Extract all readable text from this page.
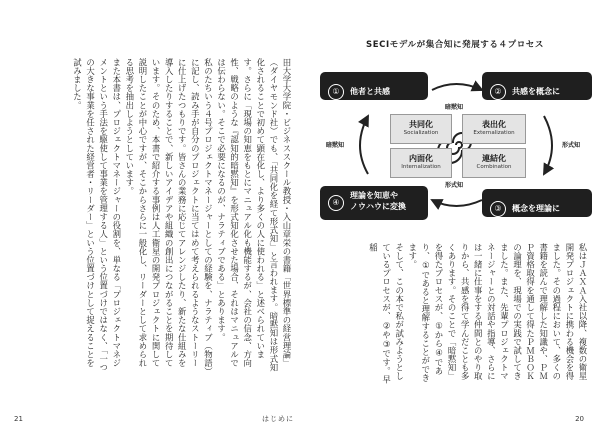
田大学大学院・ビジネススクール教授・入山章栄の書籍「世界標準の経営理論」（ダイヤモンド社）でも、「共同化を経て形式知」と言われます。暗黙知は形式知化されることで初めて顕在化し、より多くの人に使われる」と述べられています。さらに「現場の知恵をもとにマニュアル化も機能するが、会社の信念、方向性、戦略のような『認知的暗黙知』を形式知化させた場合、それはマニュアルでは伝わらない。そこで必要になるのが、ナラティブである」とあります。
私のたちいう４号プロジェクトマネージャーとしての経験を、ナラティブ（物語）に記し、読み手が自分のプロジェクトに当てはめて考えられるようなストーリーに仕上げたつもりです。皆さんの業務に応じてアレンジしたり、新たな仕組みを導入したりすることで、新しいアイデアや組織の創出につながることを期待しています。そのため、本書で紹介する事例は人工衛星の開発プロジェクトに関して説明したことが中心ですが、そこからさらに一般化し、リーダーとして求められる思考を抽出しようとしています。
また本書は、プロジェクトマネージャーの役割を、単なる「プロジェクトマネジメントという手法を駆使して事業を管理する人」という位置づけではなく、「一つの大きな事業を任された経営者・リーダー」という位置づけとして捉えることを試みました。
21	はじめに
SECIモデルが集合知に発展する４プロセス
① 他者と共感	② 共感を概念に
④
理論を知恵や
ノウハウに変換	③ 概念を理論に
共同化
Socialization
表出化
Externalization
内面化
Internalization
連結化
Combination
暗黙知
暗黙知	形式知
形式知
私はＪＡＸＡ入社以降、複数の衛星開発プロジェクトに携わる機会を得ました。その過程において、多くの書籍を読んで理解した知識や、ＰＭＰ資格取得を通して得たＰＭＢＯＫの論理を、現場での実践で試してきました。また、先輩プロジェクトマネージャーとの対話や指導、さらには一緒に仕事をする仲間とのやり取りから、共感を得て学んだことも多くあります。そのことで「暗黙知」を得たプロセスが、①から④であり、①であると理解することができます。
そして、この本で私が試みようとしているプロセスが、②や③です。早稲
20
